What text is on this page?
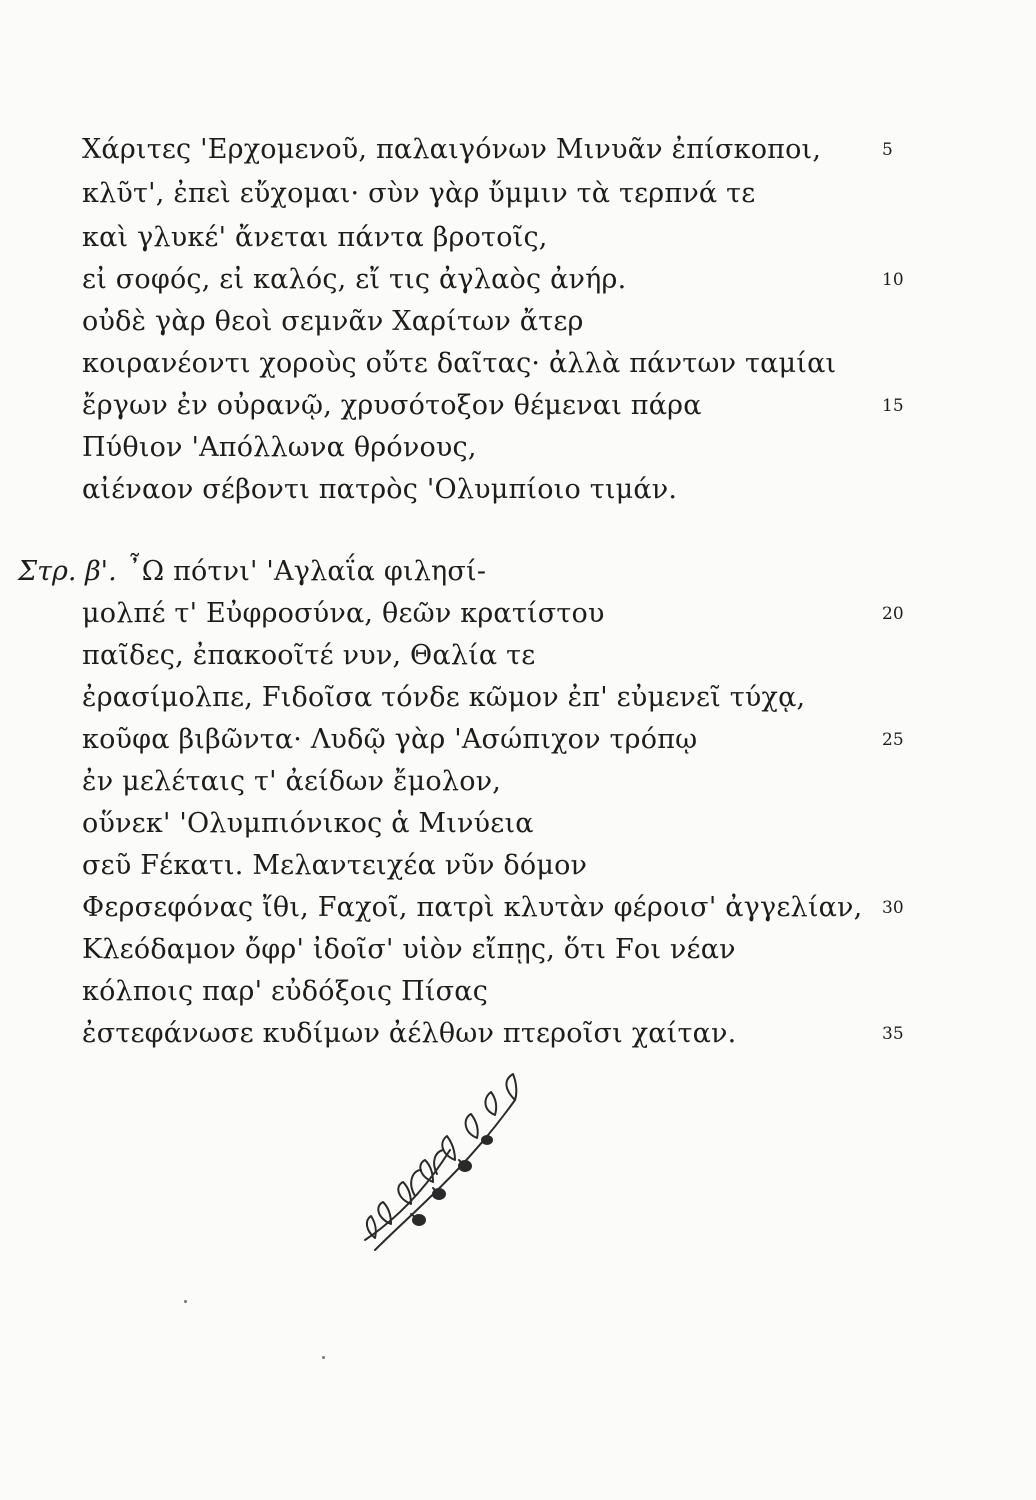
Χάριτες 'Ερχομενοῦ, παλαιγόνων Μινυᾶν ἐπίσκοποι,	5
κλῦτ', ἐπεὶ εὔχομαι· σὺν γὰρ ὔμμιν τὰ τερπνά τε
καὶ γλυκέ' ἄνεται πάντα βροτοῖς,
εἰ σοφός, εἰ καλός, εἴ τις ἀγλαὸς ἀνήρ.	10
οὐδὲ γὰρ θεοὶ σεμνᾶν Χαρίτων ἄτερ
κοιρανέοντι χοροὺς οὔτε δαῖτας· ἀλλὰ πάντων ταμίαι
ἔργων ἐν οὐρανῷ, χρυσότοξον θέμεναι πάρα	15
Πύθιον 'Απόλλωνα θρόνους,
αἰέναον σέβοντι πατρὸς 'Ολυμπίοιο τιμάν.
Στρ. β'. ῏Ω πότνι' 'Αγλαΐα φιλησί-
μολπέ τ' Εὐφροσύνα, θεῶν κρατίστου	20
παῖδες, ἐπακοοῖτέ νυν, Θαλία τε
ἐρασίμολπε, Fιδοῖσα τόνδε κῶμον ἐπ' εὐμενεῖ τύχᾳ,
κοῦφα βιβῶντα· Λυδῷ γὰρ 'Ασώπιχον τρόπῳ	25
ἐν μελέταις τ' ἀείδων ἔμολον,
οὕνεκ' 'Ολυμπιόνικος ἁ Μινύεια
σεῦ Fέκατι. Μελαντειχέα νῦν δόμον
Φερσεφόνας ἴθι, Fαχοῖ, πατρὶ κλυτὰν φέροισ' ἀγγελίαν, 30
Κλεόδαμον ὄφρ' ἰδοῖσ' υἱὸν εἴπῃς, ὅτι Fοι νέαν
κόλποις παρ' εὐδόξοις Πίσας
ἐστεφάνωσε κυδίμων ἀέλθων πτεροῖσι χαίταν.	35
